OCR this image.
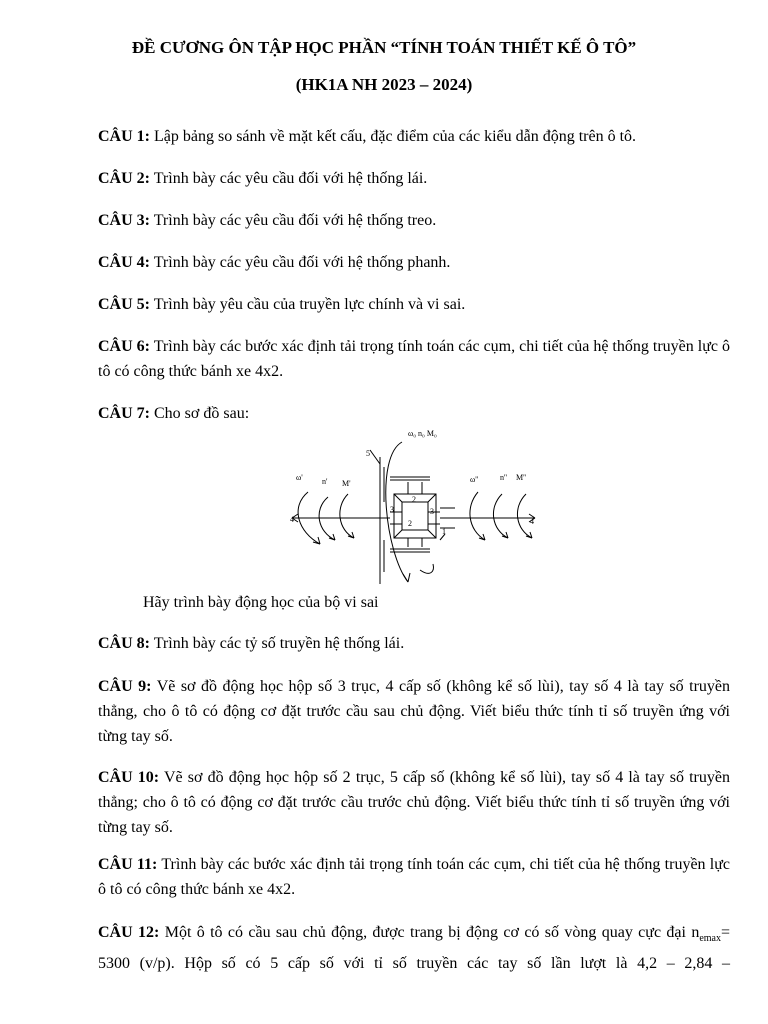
ĐỀ CƯƠNG ÔN TẬP HỌC PHẦN “TÍNH TOÁN THIẾT KẾ Ô TÔ”
(HK1A NH 2023 – 2024)
CÂU 1: Lập bảng so sánh về mặt kết cấu, đặc điểm của các kiểu dẫn động trên ô tô.
CÂU 2: Trình bày các yêu cầu đối với hệ thống lái.
CÂU 3: Trình bày các yêu cầu đối với hệ thống treo.
CÂU 4: Trình bày các yêu cầu đối với hệ thống phanh.
CÂU 5: Trình bày yêu cầu của truyền lực chính và vi sai.
CÂU 6: Trình bày các bước xác định tải trọng tính toán các cụm, chi tiết của hệ thống truyền lực ô tô có công thức bánh xe 4x2.
CÂU 7: Cho sơ đồ sau:
ω₀ n₀ M₀
ω' n' M'	ω''	n'' M''
5
4	4
3	3
2
2
1
Hãy trình bày động học của bộ vi sai
CÂU 8: Trình bày các tỷ số truyền hệ thống lái.
CÂU 9: Vẽ sơ đồ động học hộp số 3 trục, 4 cấp số (không kể số lùi), tay số 4 là tay số truyền thẳng, cho ô tô có động cơ đặt trước cầu sau chủ động. Viết biểu thức tính tỉ số truyền ứng với từng tay số.
CÂU 10: Vẽ sơ đồ động học hộp số 2 trục, 5 cấp số (không kể số lùi), tay số 4 là tay số truyền thẳng; cho ô tô có động cơ đặt trước cầu trước chủ động. Viết biểu thức tính tỉ số truyền ứng với từng tay số.
CÂU 11: Trình bày các bước xác định tải trọng tính toán các cụm, chi tiết của hệ thống truyền lực ô tô có công thức bánh xe 4x2.
CÂU 12: Một ô tô có cầu sau chủ động, được trang bị động cơ có số vòng quay cực đại $n_{emax}= 5300$ (v/p). Hộp số có 5 cấp số với tỉ số truyền các tay số lần lượt là 4,2 – 2,84 –
